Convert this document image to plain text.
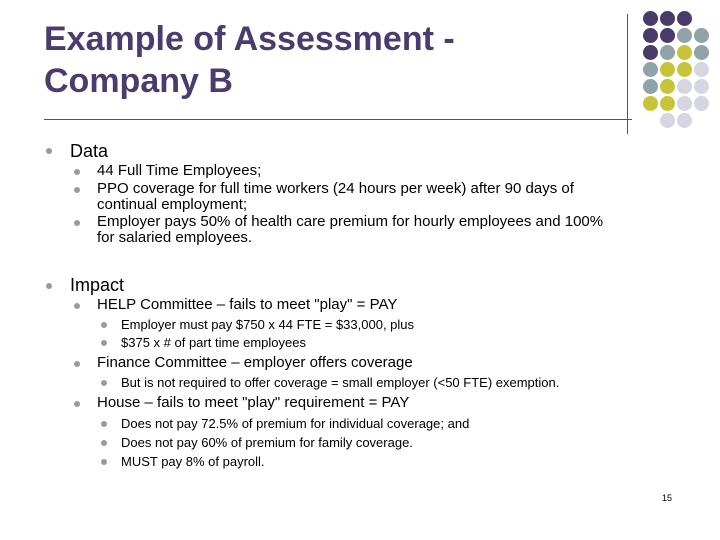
Example of Assessment -
Company B
Data
44 Full Time Employees;
PPO coverage for full time workers (24 hours per week) after 90 days of
continual employment;
Employer pays 50% of health care premium for hourly employees and 100%
for salaried employees.
Impact
HELP Committee – fails to meet "play" = PAY
Employer must pay $750 x 44 FTE = $33,000, plus
$375 x # of part time employees
Finance Committee – employer offers coverage
But is not required to offer coverage = small employer (<50 FTE) exemption.
House – fails to meet "play" requirement = PAY
Does not pay 72.5% of premium for individual coverage; and
Does not pay 60% of premium for family coverage.
MUST pay 8% of payroll.
15
